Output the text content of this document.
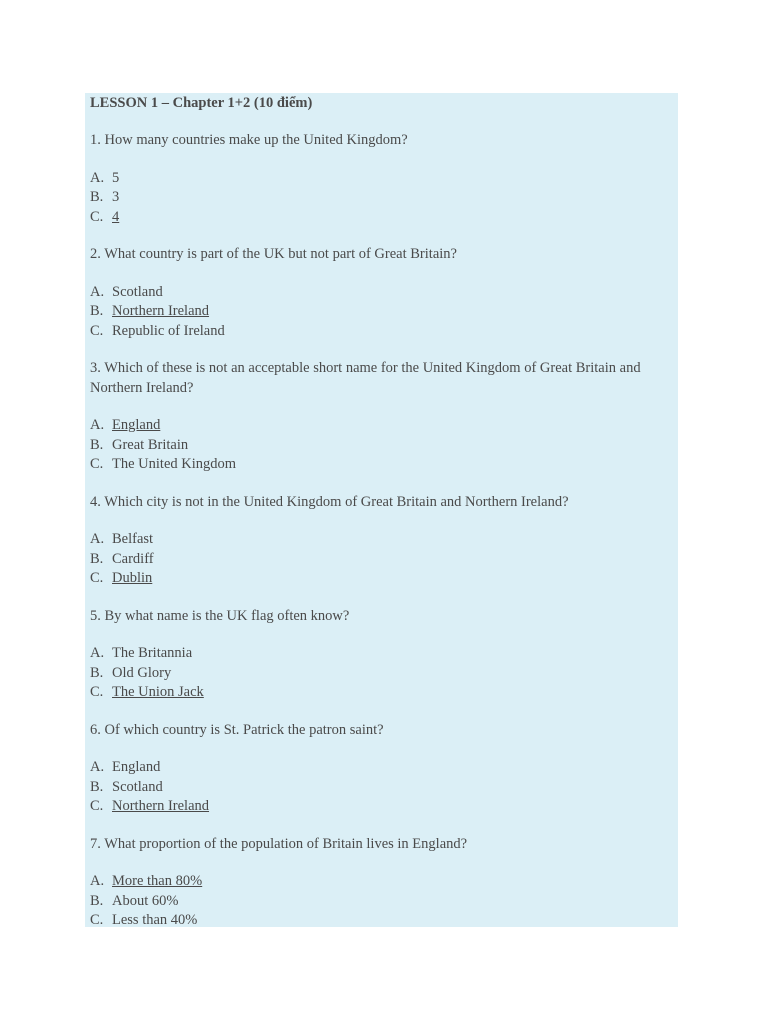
LESSON 1 – Chapter 1+2 (10 điểm)
1. How many countries make up the United Kingdom?
A. 5
B. 3
C. 4
2. What country is part of the UK but not part of Great Britain?
A. Scotland
B. Northern Ireland
C. Republic of Ireland
3. Which of these is not an acceptable short name for the United Kingdom of Great Britain and Northern Ireland?
A. England
B. Great Britain
C. The United Kingdom
4. Which city is not in the United Kingdom of Great Britain and Northern Ireland?
A. Belfast
B. Cardiff
C. Dublin
5. By what name is the UK flag often know?
A. The Britannia
B. Old Glory
C. The Union Jack
6. Of which country is St. Patrick the patron saint?
A. England
B. Scotland
C. Northern Ireland
7. What proportion of the population of Britain lives in England?
A. More than 80%
B. About 60%
C. Less than 40%
